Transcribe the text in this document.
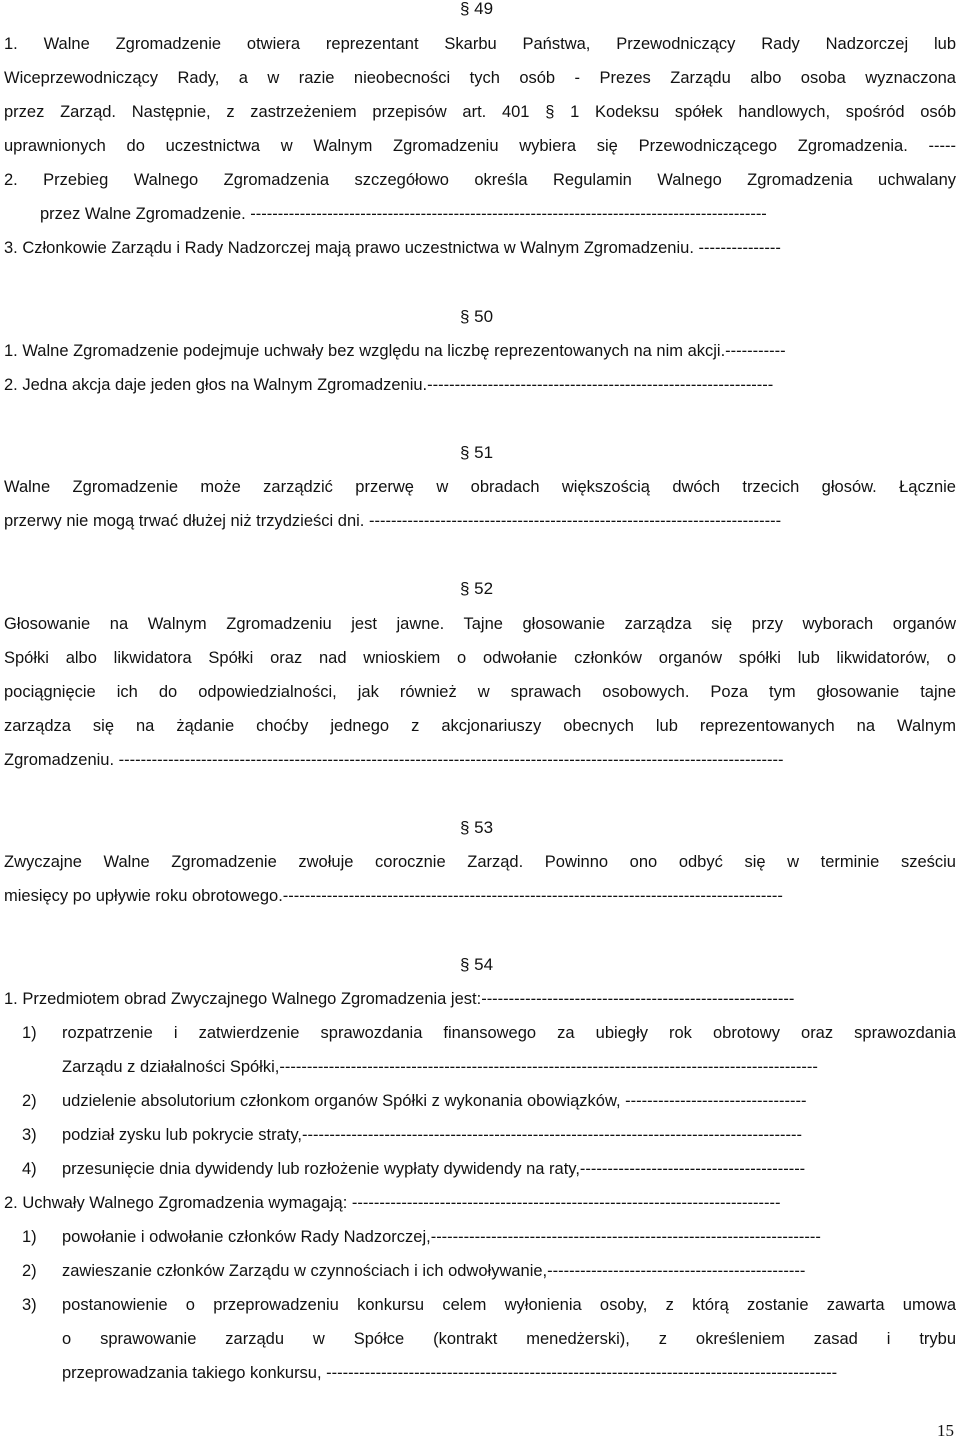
§ 49
1. Walne Zgromadzenie otwiera reprezentant Skarbu Państwa, Przewodniczący Rady Nadzorczej lub
Wiceprzewodniczący Rady, a w razie nieobecności tych osób - Prezes Zarządu albo osoba wyznaczona
przez Zarząd. Następnie, z zastrzeżeniem przepisów art. 401 § 1 Kodeksu spółek handlowych, spośród osób
uprawnionych do uczestnictwa w Walnym Zgromadzeniu wybiera się Przewodniczącego Zgromadzenia. -----
2. Przebieg Walnego Zgromadzenia szczegółowo określa Regulamin Walnego Zgromadzenia uchwalany
przez Walne Zgromadzenie. ----------------------------------------------------------------------------------------------
3. Członkowie Zarządu i Rady Nadzorczej mają prawo uczestnictwa w Walnym Zgromadzeniu. ---------------
§ 50
1. Walne Zgromadzenie podejmuje uchwały bez względu na liczbę reprezentowanych na nim akcji.-----------
2. Jedna akcja daje jeden głos na Walnym Zgromadzeniu.---------------------------------------------------------------
§ 51
Walne Zgromadzenie może zarządzić przerwę w obradach większością dwóch trzecich głosów. Łącznie
przerwy nie mogą trwać dłużej niż trzydzieści dni. ---------------------------------------------------------------------------
§ 52
Głosowanie na Walnym Zgromadzeniu jest jawne. Tajne głosowanie zarządza się przy wyborach organów
Spółki albo likwidatora Spółki oraz nad wnioskiem o odwołanie członków organów spółki lub likwidatorów, o
pociągnięcie ich do odpowiedzialności, jak również w sprawach osobowych. Poza tym głosowanie tajne
zarządza się na żądanie choćby jednego z akcjonariuszy obecnych lub reprezentowanych na Walnym
Zgromadzeniu. -------------------------------------------------------------------------------------------------------------------------
§ 53
Zwyczajne Walne Zgromadzenie zwołuje corocznie Zarząd. Powinno ono odbyć się w terminie sześciu
miesięcy po upływie roku obrotowego.-------------------------------------------------------------------------------------------
§ 54
1. Przedmiotem obrad Zwyczajnego Walnego Zgromadzenia jest:---------------------------------------------------------
1) rozpatrzenie i zatwierdzenie sprawozdania finansowego za ubiegły rok obrotowy oraz sprawozdania
Zarządu z działalności Spółki,--------------------------------------------------------------------------------------------------
2) udzielenie absolutorium członkom organów Spółki z wykonania obowiązków, ---------------------------------
3) podział zysku lub pokrycie straty,-------------------------------------------------------------------------------------------
4) przesunięcie dnia dywidendy lub rozłożenie wypłaty dywidendy na raty,-----------------------------------------
2. Uchwały Walnego Zgromadzenia wymagają: ------------------------------------------------------------------------------
1) powołanie i odwołanie członków Rady Nadzorczej,-----------------------------------------------------------------------
2) zawieszanie członków Zarządu w czynnościach i ich odwoływanie,-----------------------------------------------
3) postanowienie o przeprowadzeniu konkursu celem wyłonienia osoby, z którą zostanie zawarta umowa
o sprawowanie zarządu w Spółce (kontrakt menedżerski), z określeniem zasad i trybu
przeprowadzania takiego konkursu, ---------------------------------------------------------------------------------------------
15
